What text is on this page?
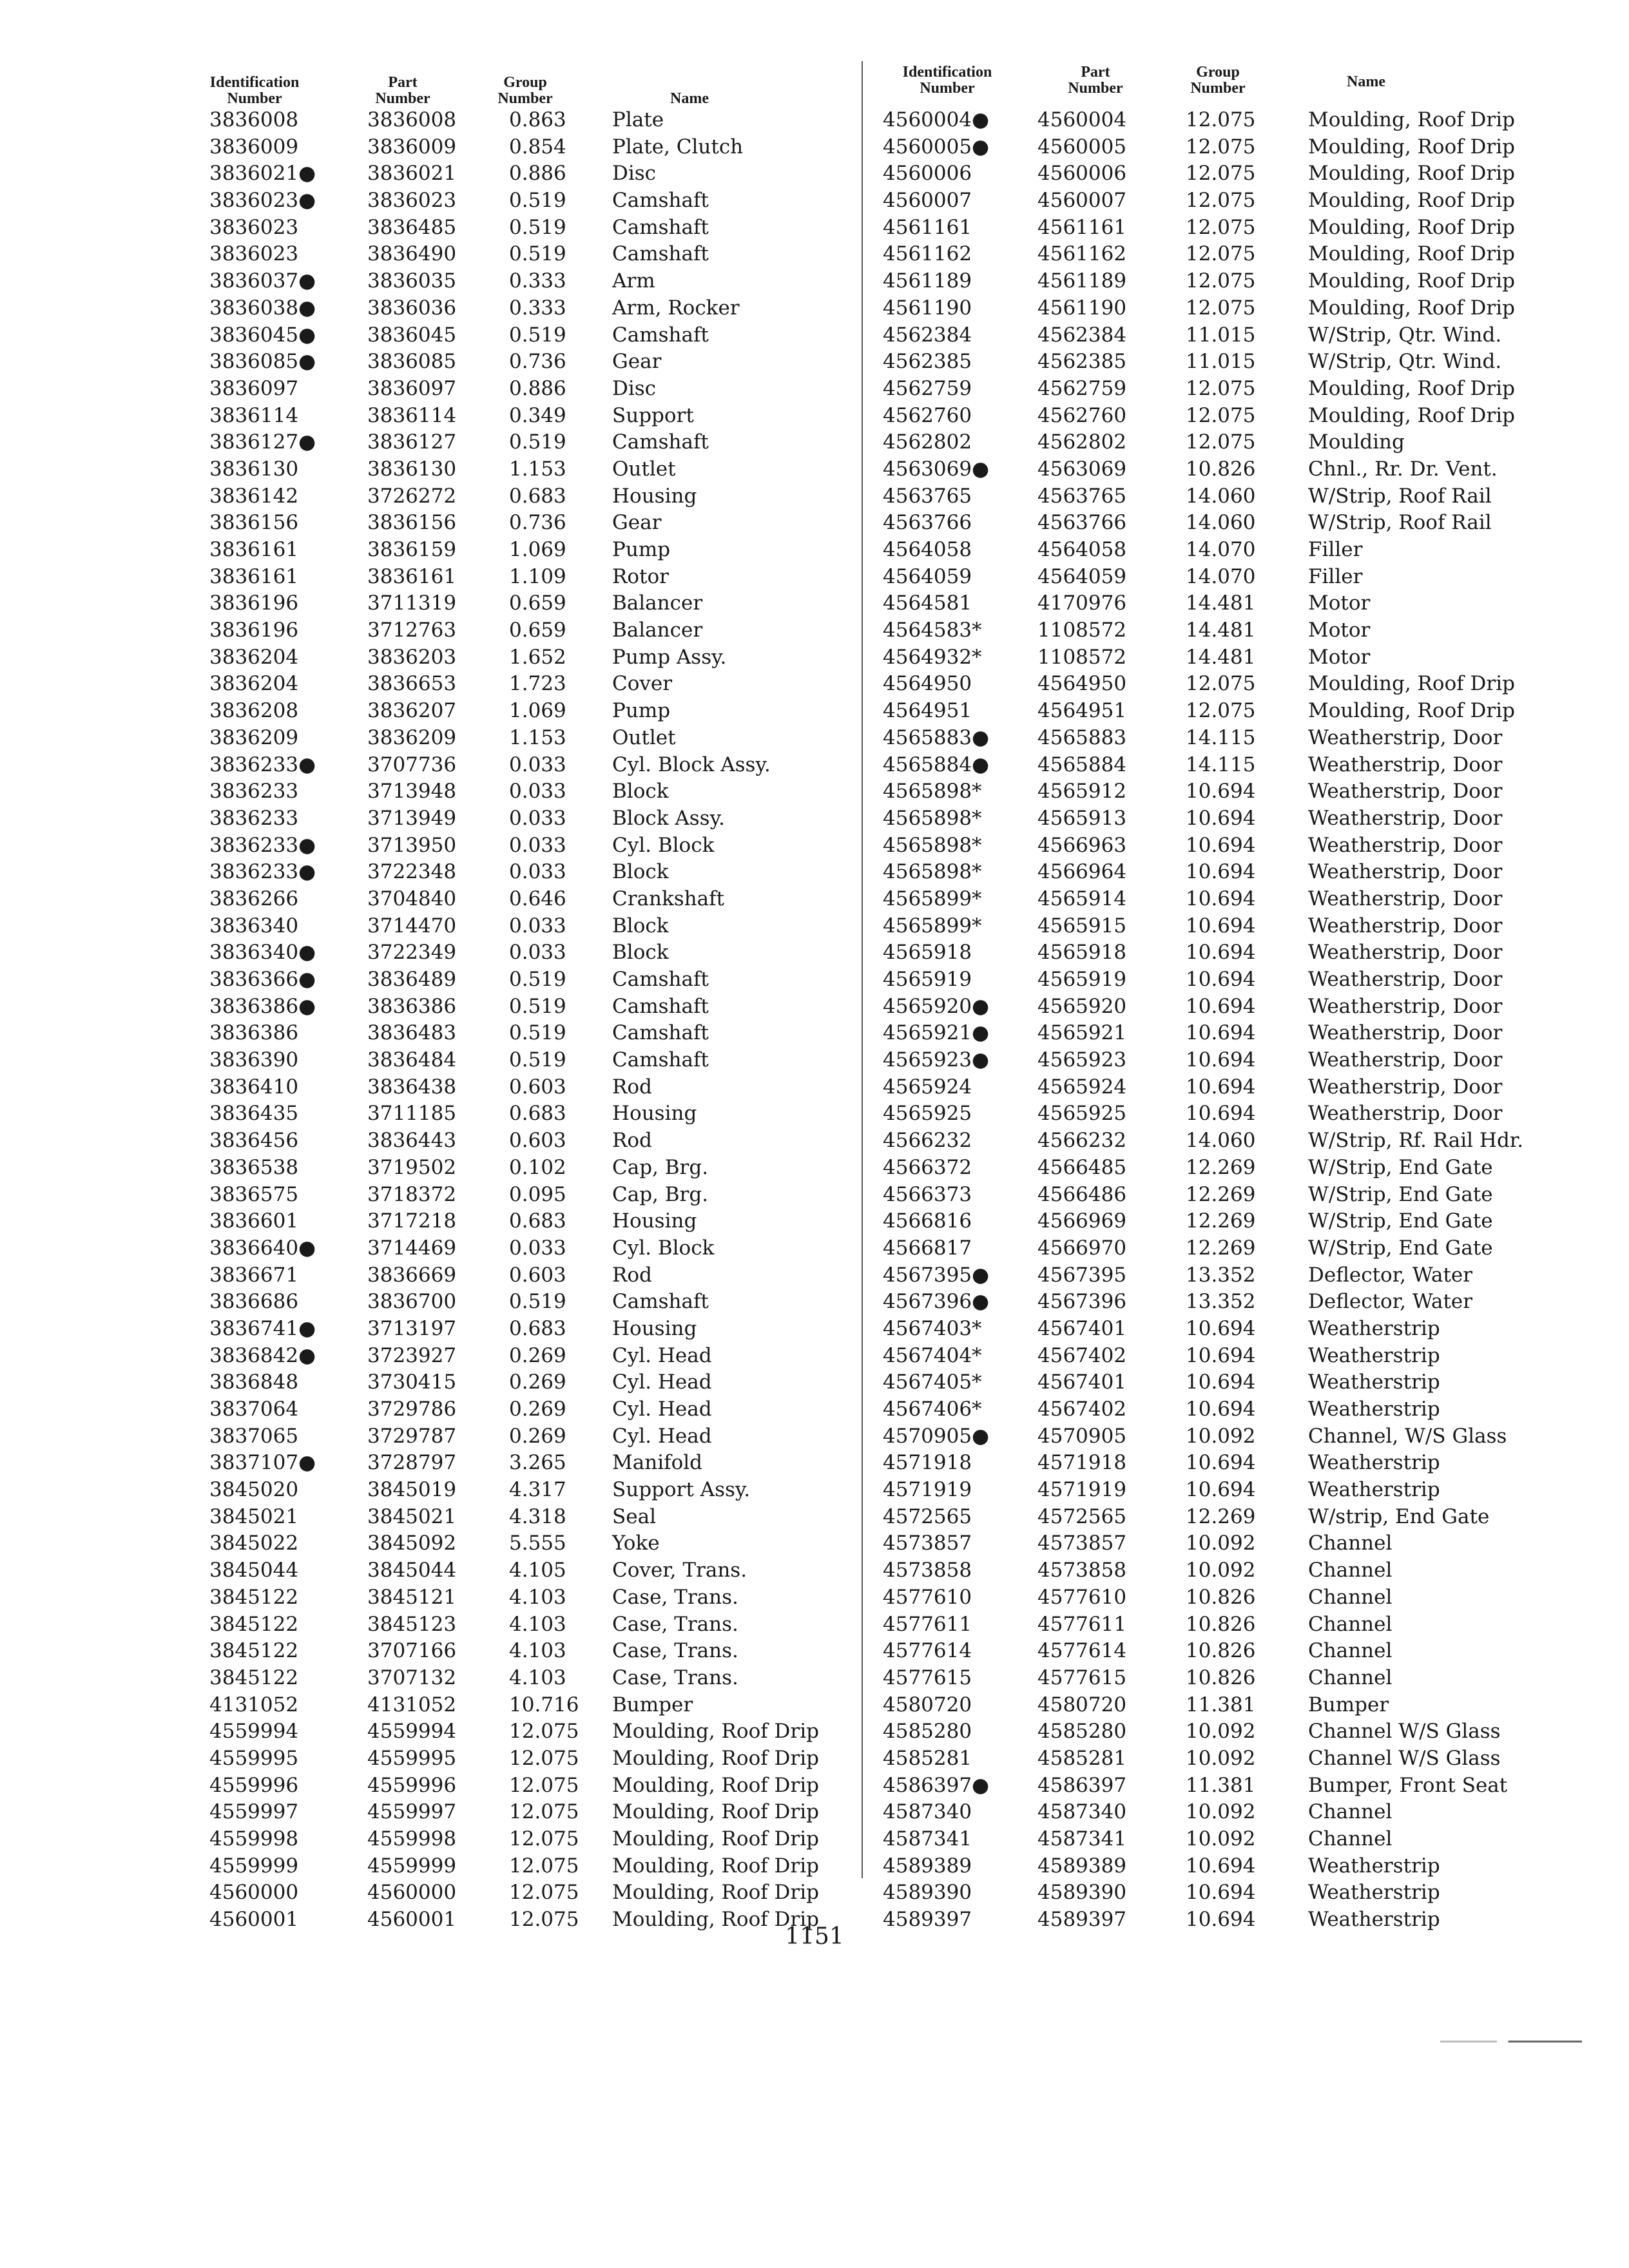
Identification
Number
Part
Number
Group
Number	Name
3836008	3836008	0.863 Plate
3836009	3836009	0.854 Plate, Clutch
3836021●	3836021	0.886 Disc
3836023●	3836023	0.519 Camshaft
3836023	3836485	0.519 Camshaft
3836023	3836490	0.519 Camshaft
3836037●	3836035	0.333 Arm
3836038●	3836036	0.333 Arm, Rocker
3836045●	3836045	0.519 Camshaft
3836085●	3836085	0.736 Gear
3836097	3836097	0.886 Disc
3836114	3836114	0.349 Support
3836127●	3836127	0.519 Camshaft
3836130	3836130	1.153 Outlet
3836142	3726272	0.683 Housing
3836156	3836156	0.736 Gear
3836161	3836159	1.069 Pump
3836161	3836161	1.109 Rotor
3836196	3711319	0.659 Balancer
3836196	3712763	0.659 Balancer
3836204	3836203	1.652 Pump Assy.
3836204	3836653	1.723 Cover
3836208	3836207	1.069 Pump
3836209	3836209	1.153 Outlet
3836233●	3707736	0.033 Cyl. Block Assy.
3836233	3713948	0.033 Block
3836233	3713949	0.033 Block Assy.
3836233●	3713950	0.033 Cyl. Block
3836233●	3722348	0.033 Block
3836266	3704840	0.646 Crankshaft
3836340	3714470	0.033 Block
3836340●	3722349	0.033 Block
3836366●	3836489	0.519 Camshaft
3836386●	3836386	0.519 Camshaft
3836386	3836483	0.519 Camshaft
3836390	3836484	0.519 Camshaft
3836410	3836438	0.603 Rod
3836435	3711185	0.683 Housing
3836456	3836443	0.603 Rod
3836538	3719502	0.102 Cap, Brg.
3836575	3718372	0.095 Cap, Brg.
3836601	3717218	0.683 Housing
3836640●	3714469	0.033 Cyl. Block
3836671	3836669	0.603 Rod
3836686	3836700	0.519 Camshaft
3836741●	3713197	0.683 Housing
3836842●	3723927	0.269 Cyl. Head
3836848	3730415	0.269 Cyl. Head
3837064	3729786	0.269 Cyl. Head
3837065	3729787	0.269 Cyl. Head
3837107●	3728797	3.265 Manifold
3845020	3845019	4.317 Support Assy.
3845021	3845021	4.318 Seal
3845022	3845092	5.555 Yoke
3845044	3845044	4.105 Cover, Trans.
3845122	3845121	4.103 Case, Trans.
3845122	3845123	4.103 Case, Trans.
3845122	3707166	4.103 Case, Trans.
3845122	3707132	4.103 Case, Trans.
4131052	4131052	10.716 Bumper
4559994	4559994	12.075 Moulding, Roof Drip
4559995	4559995	12.075 Moulding, Roof Drip
4559996	4559996	12.075 Moulding, Roof Drip
4559997	4559997	12.075 Moulding, Roof Drip
4559998	4559998	12.075 Moulding, Roof Drip
4559999	4559999	12.075 Moulding, Roof Drip
4560000	4560000	12.075 Moulding, Roof Drip
4560001	4560001	12.075 Moulding, Roof Drip
Identification
Number
Part
Number
Group
Number	Name
4560004● 4560004	12.075	Moulding, Roof Drip
4560005● 4560005	12.075	Moulding, Roof Drip
4560006	4560006	12.075	Moulding, Roof Drip
4560007	4560007	12.075	Moulding, Roof Drip
4561161	4561161	12.075	Moulding, Roof Drip
4561162	4561162	12.075	Moulding, Roof Drip
4561189	4561189	12.075	Moulding, Roof Drip
4561190	4561190	12.075	Moulding, Roof Drip
4562384	4562384	11.015	W/Strip, Qtr. Wind.
4562385	4562385	11.015	W/Strip, Qtr. Wind.
4562759	4562759	12.075	Moulding, Roof Drip
4562760	4562760	12.075	Moulding, Roof Drip
4562802	4562802	12.075	Moulding
4563069● 4563069	10.826	Chnl., Rr. Dr. Vent.
4563765	4563765	14.060	W/Strip, Roof Rail
4563766	4563766	14.060	W/Strip, Roof Rail
4564058	4564058	14.070	Filler
4564059	4564059	14.070	Filler
4564581	4170976	14.481	Motor
4564583*	1108572	14.481	Motor
4564932*	1108572	14.481	Motor
4564950	4564950	12.075	Moulding, Roof Drip
4564951	4564951	12.075	Moulding, Roof Drip
4565883● 4565883	14.115	Weatherstrip, Door
4565884● 4565884	14.115	Weatherstrip, Door
4565898*	4565912	10.694	Weatherstrip, Door
4565898*	4565913	10.694	Weatherstrip, Door
4565898*	4566963	10.694	Weatherstrip, Door
4565898*	4566964	10.694	Weatherstrip, Door
4565899*	4565914	10.694	Weatherstrip, Door
4565899*	4565915	10.694	Weatherstrip, Door
4565918	4565918	10.694	Weatherstrip, Door
4565919	4565919	10.694	Weatherstrip, Door
4565920● 4565920	10.694	Weatherstrip, Door
4565921● 4565921	10.694	Weatherstrip, Door
4565923● 4565923	10.694	Weatherstrip, Door
4565924	4565924	10.694	Weatherstrip, Door
4565925	4565925	10.694	Weatherstrip, Door
4566232	4566232	14.060	W/Strip, Rf. Rail Hdr.
4566372	4566485	12.269	W/Strip, End Gate
4566373	4566486	12.269	W/Strip, End Gate
4566816	4566969	12.269	W/Strip, End Gate
4566817	4566970	12.269	W/Strip, End Gate
4567395● 4567395	13.352	Deflector, Water
4567396● 4567396	13.352	Deflector, Water
4567403*	4567401	10.694	Weatherstrip
4567404*	4567402	10.694	Weatherstrip
4567405*	4567401	10.694	Weatherstrip
4567406*	4567402	10.694	Weatherstrip
4570905● 4570905	10.092	Channel, W/S Glass
4571918	4571918	10.694	Weatherstrip
4571919	4571919	10.694	Weatherstrip
4572565	4572565	12.269	W/strip, End Gate
4573857	4573857	10.092	Channel
4573858	4573858	10.092	Channel
4577610	4577610	10.826	Channel
4577611	4577611	10.826	Channel
4577614	4577614	10.826	Channel
4577615	4577615	10.826	Channel
4580720	4580720	11.381	Bumper
4585280	4585280	10.092	Channel W/S Glass
4585281	4585281	10.092	Channel W/S Glass
4586397● 4586397	11.381	Bumper, Front Seat
4587340	4587340	10.092	Channel
4587341	4587341	10.092	Channel
4589389	4589389	10.694	Weatherstrip
4589390	4589390	10.694	Weatherstrip
4589397	4589397	10.694	Weatherstrip
1151
